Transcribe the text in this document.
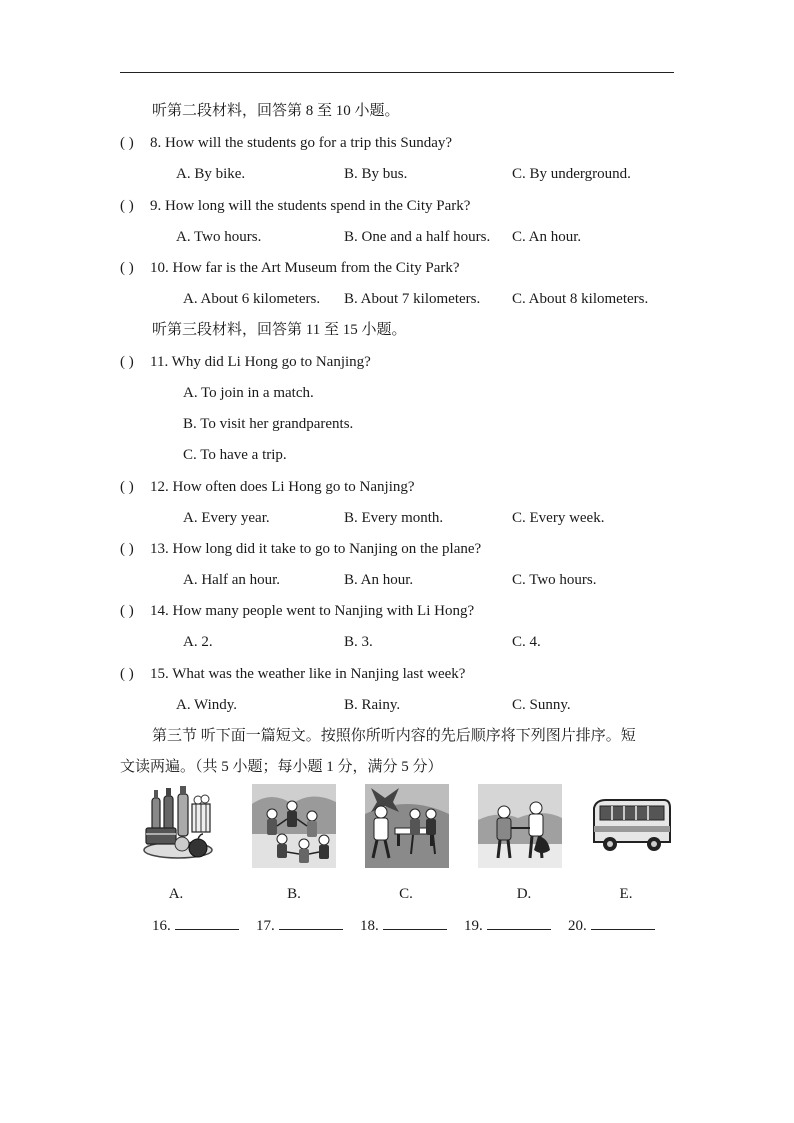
听第二段材料，回答第 8 至 10 小题。
( ) 8. How will the students go for a trip this Sunday?
A. By bike.	B. By bus.	C. By underground.
( ) 9. How long will the students spend in the City Park?
A. Two hours.	B. One and a half hours. C. An hour.
( ) 10. How far is the Art Museum from the City Park?
A. About 6 kilometers. B. About 7 kilometers. C. About 8 kilometers.
听第三段材料，回答第 11 至 15 小题。
( ) 11. Why did Li Hong go to Nanjing?
A. To join in a match.
B. To visit her grandparents.
C. To have a trip.
( ) 12. How often does Li Hong go to Nanjing?
A. Every year.	B. Every month.	C. Every week.
( ) 13. How long did it take to go to Nanjing on the plane?
A. Half an hour.	B. An hour.	C. Two hours.
( ) 14. How many people went to Nanjing with Li Hong?
A. 2.	B. 3.	C. 4.
( ) 15. What was the weather like in Nanjing last week?
A. Windy.	B. Rainy.	C. Sunny.
第三节 听下面一篇短文。按照你所听内容的先后顺序将下列图片排序。短
文读两遍。（共 5 小题；每小题 1 分，满分 5 分）
A.	B.	C.	D.	E.
16.	17.	18.	19.	20.
